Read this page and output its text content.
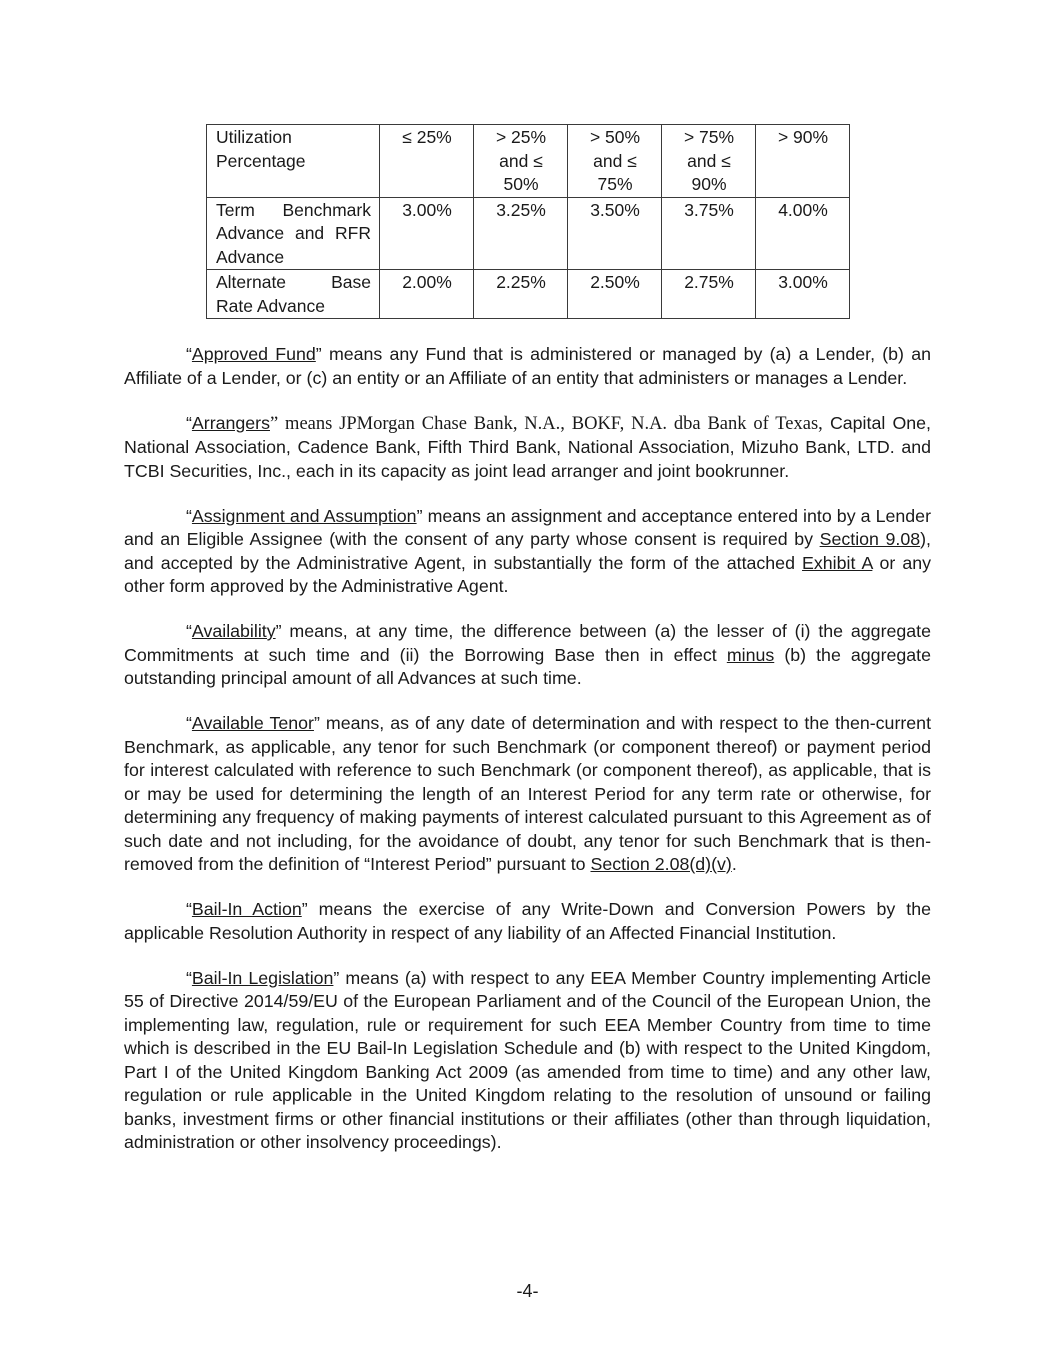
Utilization Percentage	≤ 25%	> 25% and ≤ 50%	> 50% and ≤ 75%	> 75% and ≤ 90%	> 90%
Term Benchmark Advance and RFR Advance	3.00%	3.25%	3.50%	3.75%	4.00%
Alternate Base Rate Advance	2.00%	2.25%	2.50%	2.75%	3.00%

“Approved Fund” means any Fund that is administered or managed by (a) a Lender, (b) an Affiliate of a Lender, or (c) an entity or an Affiliate of an entity that administers or manages a Lender.

“Arrangers” means JPMorgan Chase Bank, N.A., BOKF, N.A. dba Bank of Texas, Capital One, National Association, Cadence Bank, Fifth Third Bank, National Association, Mizuho Bank, LTD. and TCBI Securities, Inc., each in its capacity as joint lead arranger and joint bookrunner.

“Assignment and Assumption” means an assignment and acceptance entered into by a Lender and an Eligible Assignee (with the consent of any party whose consent is required by Section 9.08), and accepted by the Administrative Agent, in substantially the form of the attached Exhibit A or any other form approved by the Administrative Agent.

“Availability” means, at any time, the difference between (a) the lesser of (i) the aggregate Commitments at such time and (ii) the Borrowing Base then in effect minus (b) the aggregate outstanding principal amount of all Advances at such time.

“Available Tenor” means, as of any date of determination and with respect to the then-current Benchmark, as applicable, any tenor for such Benchmark (or component thereof) or payment period for interest calculated with reference to such Benchmark (or component thereof), as applicable, that is or may be used for determining the length of an Interest Period for any term rate or otherwise, for determining any frequency of making payments of interest calculated pursuant to this Agreement as of such date and not including, for the avoidance of doubt, any tenor for such Benchmark that is then-removed from the definition of “Interest Period” pursuant to Section 2.08(d)(v).

“Bail-In Action” means the exercise of any Write-Down and Conversion Powers by the applicable Resolution Authority in respect of any liability of an Affected Financial Institution.

“Bail-In Legislation” means (a) with respect to any EEA Member Country implementing Article 55 of Directive 2014/59/EU of the European Parliament and of the Council of the European Union, the implementing law, regulation, rule or requirement for such EEA Member Country from time to time which is described in the EU Bail-In Legislation Schedule and (b) with respect to the United Kingdom, Part I of the United Kingdom Banking Act 2009 (as amended from time to time) and any other law, regulation or rule applicable in the United Kingdom relating to the resolution of unsound or failing banks, investment firms or other financial institutions or their affiliates (other than through liquidation, administration or other insolvency proceedings).

-4-
